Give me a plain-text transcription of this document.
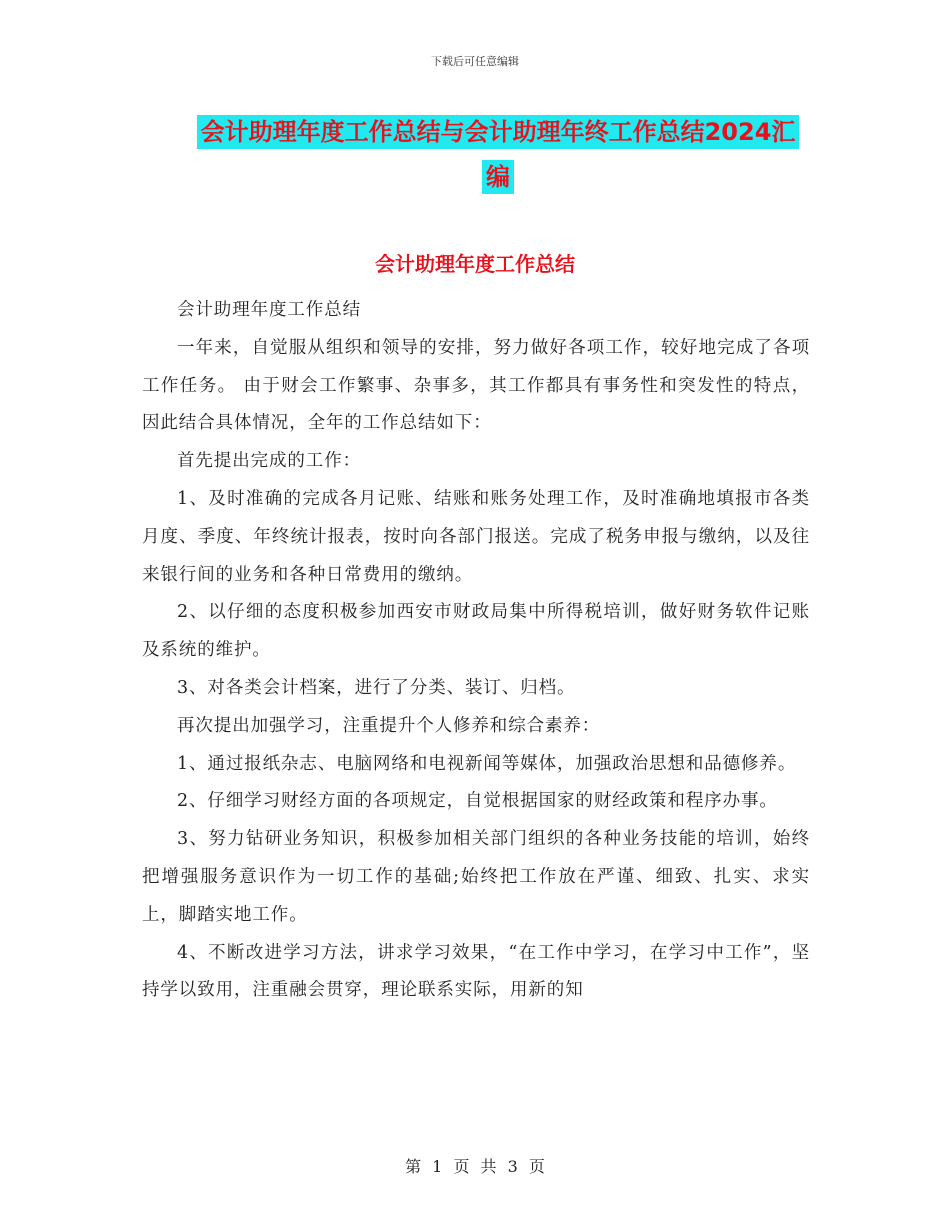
下载后可任意编辑
会计助理年度工作总结与会计助理年终工作总结2024汇编
会计助理年度工作总结

会计助理年度工作总结

一年来，自觉服从组织和领导的安排，努力做好各项工作，较好地完成了各项工作任务。 由于财会工作繁事、杂事多，其工作都具有事务性和突发性的特点，因此结合具体情况，全年的工作总结如下：

首先提出完成的工作：

1、及时准确的完成各月记账、结账和账务处理工作，及时准确地填报市各类月度、季度、年终统计报表，按时向各部门报送。完成了税务申报与缴纳，以及往来银行间的业务和各种日常费用的缴纳。

2、以仔细的态度积极参加西安市财政局集中所得税培训，做好财务软件记账及系统的维护。

3、对各类会计档案，进行了分类、装订、归档。

再次提出加强学习，注重提升个人修养和综合素养：

1、通过报纸杂志、电脑网络和电视新闻等媒体，加强政治思想和品德修养。

2、仔细学习财经方面的各项规定，自觉根据国家的财经政策和程序办事。

3、努力钻研业务知识，积极参加相关部门组织的各种业务技能的培训，始终把增强服务意识作为一切工作的基础;始终把工作放在严谨、细致、扎实、求实上，脚踏实地工作。

4、不断改进学习方法，讲求学习效果，“在工作中学习，在学习中工作”，坚持学以致用，注重融会贯穿，理论联系实际，用新的知

第 1 页 共 3 页
